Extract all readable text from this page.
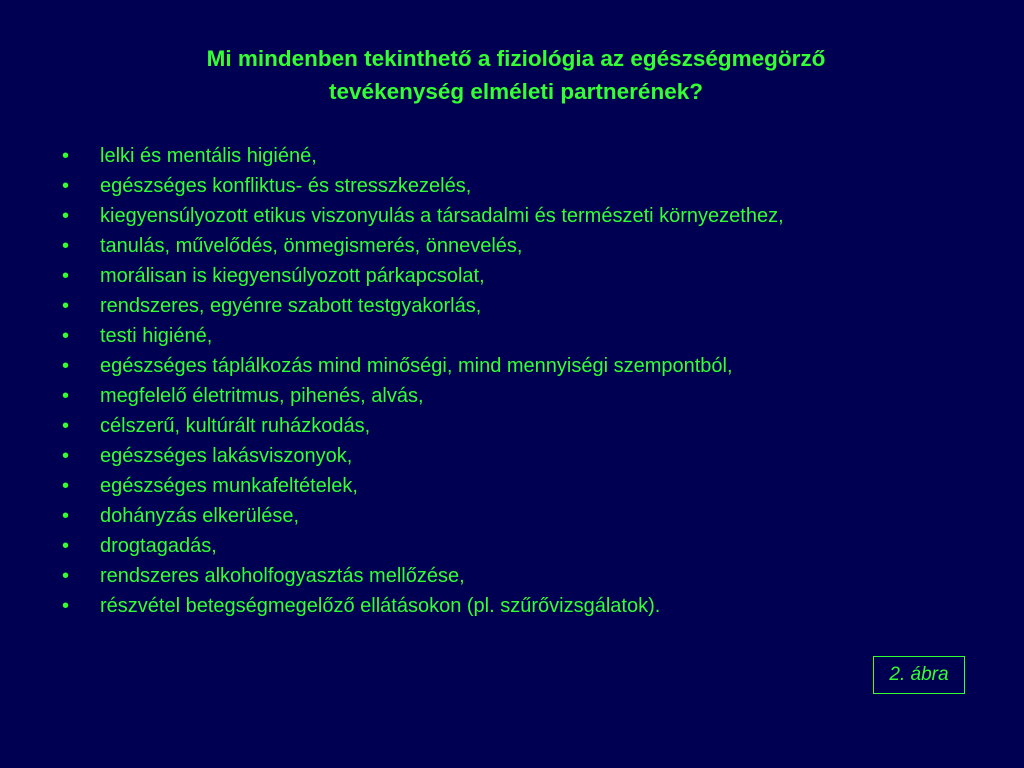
Mi mindenben tekinthető a fiziológia az egészségmegörző
tevékenység elméleti partnerének?
• lelki és mentális higiéné,
• egészséges konfliktus- és stresszkezelés,
• kiegyensúlyozott etikus viszonyulás a társadalmi és természeti környezethez,
• tanulás, művelődés, önmegismerés, önnevelés,
• morálisan is kiegyensúlyozott párkapcsolat,
• rendszeres, egyénre szabott testgyakorlás,
• testi higiéné,
• egészséges táplálkozás mind minőségi, mind mennyiségi szempontból,
• megfelelő életritmus, pihenés, alvás,
• célszerű, kultúrált ruházkodás,
• egészséges lakásviszonyok,
• egészséges munkafeltételek,
• dohányzás elkerülése,
• drogtagadás,
• rendszeres alkoholfogyasztás mellőzése,
• részvétel betegségmegelőző ellátásokon (pl. szűrővizsgálatok).
2. ábra
